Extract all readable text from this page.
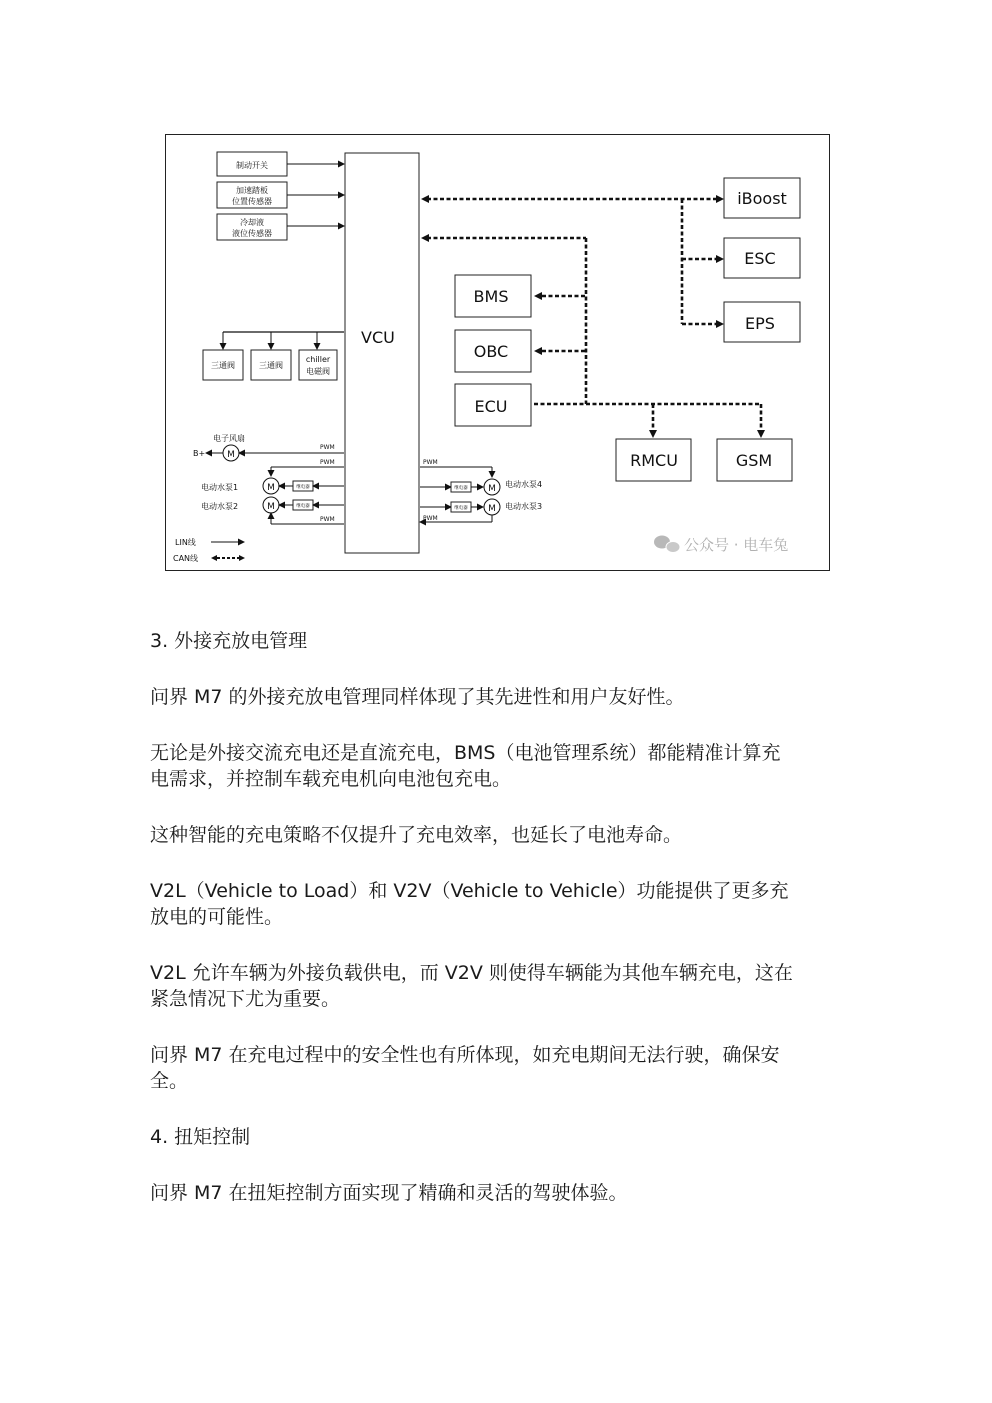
VCU
制动开关
加速踏板
位置传感器
冷却液
液位传感器
三通阀	三通阀
chiller
电磁阀
电子风扇
B+ M
PWM
PWM
电动水泵1	M	继电器
电动水泵2	M	继电器
PWM
PWM
继电器 M 电动水泵4
继电器 M 电动水泵3
PWM
iBoost
ESC
EPS
BMS
OBC
ECU
RMCU	GSM
LIN线
CAN线
公众号 · 电车兔

3. 外接充放电管理

问界 M7 的外接充放电管理同样体现了其先进性和用户友好性。

无论是外接交流充电还是直流充电，BMS（电池管理系统）都能精准计算充

电需求，并控制车载充电机向电池包充电。

这种智能的充电策略不仅提升了充电效率，也延长了电池寿命。

V2L（Vehicle to Load）和 V2V（Vehicle to Vehicle）功能提供了更多充

放电的可能性。

V2L 允许车辆为外接负载供电，而 V2V 则使得车辆能为其他车辆充电，这在

紧急情况下尤为重要。

问界 M7 在充电过程中的安全性也有所体现，如充电期间无法行驶，确保安

全。

4. 扭矩控制

问界 M7 在扭矩控制方面实现了精确和灵活的驾驶体验。
